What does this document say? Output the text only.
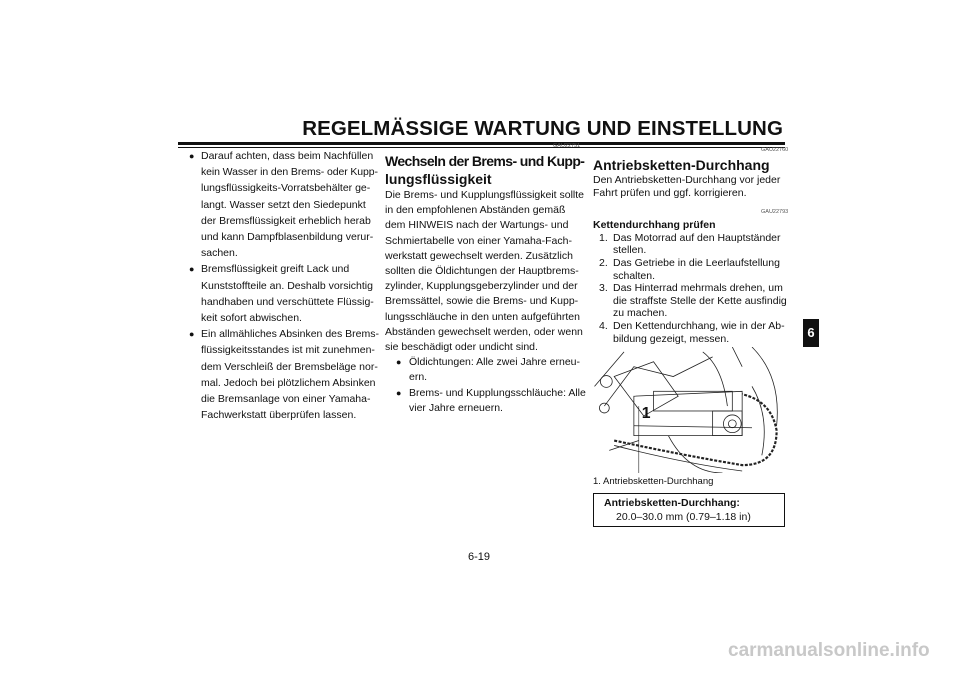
REGELMÄSSIGE WARTUNG UND EINSTELLUNG
● Darauf achten, dass beim Nachfüllen
kein Wasser in den Brems- oder Kupp-
lungsflüssigkeits-Vorratsbehälter ge-
langt. Wasser setzt den Siedepunkt
der Bremsflüssigkeit erheblich herab
und kann Dampfblasenbildung verur-
sachen.
● Bremsflüssigkeit greift Lack und
Kunststoffteile an. Deshalb vorsichtig
handhaben und verschüttete Flüssig-
keit sofort abwischen.
● Ein allmähliches Absinken des Brems-
flüssigkeitsstandes ist mit zunehmen-
dem Verschleiß der Bremsbeläge nor-
mal. Jedoch bei plötzlichem Absinken
die Bremsanlage von einer Yamaha-
Fachwerkstatt überprüfen lassen.
GAU22751
Wechseln der Brems- und Kupp-
lungsflüssigkeit
Die Brems- und Kupplungsflüssigkeit sollte
in den empfohlenen Abständen gemäß
dem HINWEIS nach der Wartungs- und
Schmiertabelle von einer Yamaha-Fach-
werkstatt gewechselt werden. Zusätzlich
sollten die Öldichtungen der Hauptbrems-
zylinder, Kupplungsgeberzylinder und der
Bremssättel, sowie die Brems- und Kupp-
lungsschläuche in den unten aufgeführten
Abständen gewechselt werden, oder wenn
sie beschädigt oder undicht sind.
● Öldichtungen: Alle zwei Jahre erneu-
ern.
● Brems- und Kupplungsschläuche: Alle
vier Jahre erneuern.
GAU22760
Antriebsketten-Durchhang
Den Antriebsketten-Durchhang vor jeder
Fahrt prüfen und ggf. korrigieren.
GAU22793
Kettendurchhang prüfen
1. Das Motorrad auf den Hauptständer
stellen.
2. Das Getriebe in die Leerlaufstellung
schalten.
3. Das Hinterrad mehrmals drehen, um
die straffste Stelle der Kette ausfindig
zu machen.
4. Den Kettendurchhang, wie in der Ab-
bildung gezeigt, messen.
1
1. Antriebsketten-Durchhang
Antriebsketten-Durchhang:
20.0–30.0 mm (0.79–1.18 in)
6
6-19
carmanualsonline.info
